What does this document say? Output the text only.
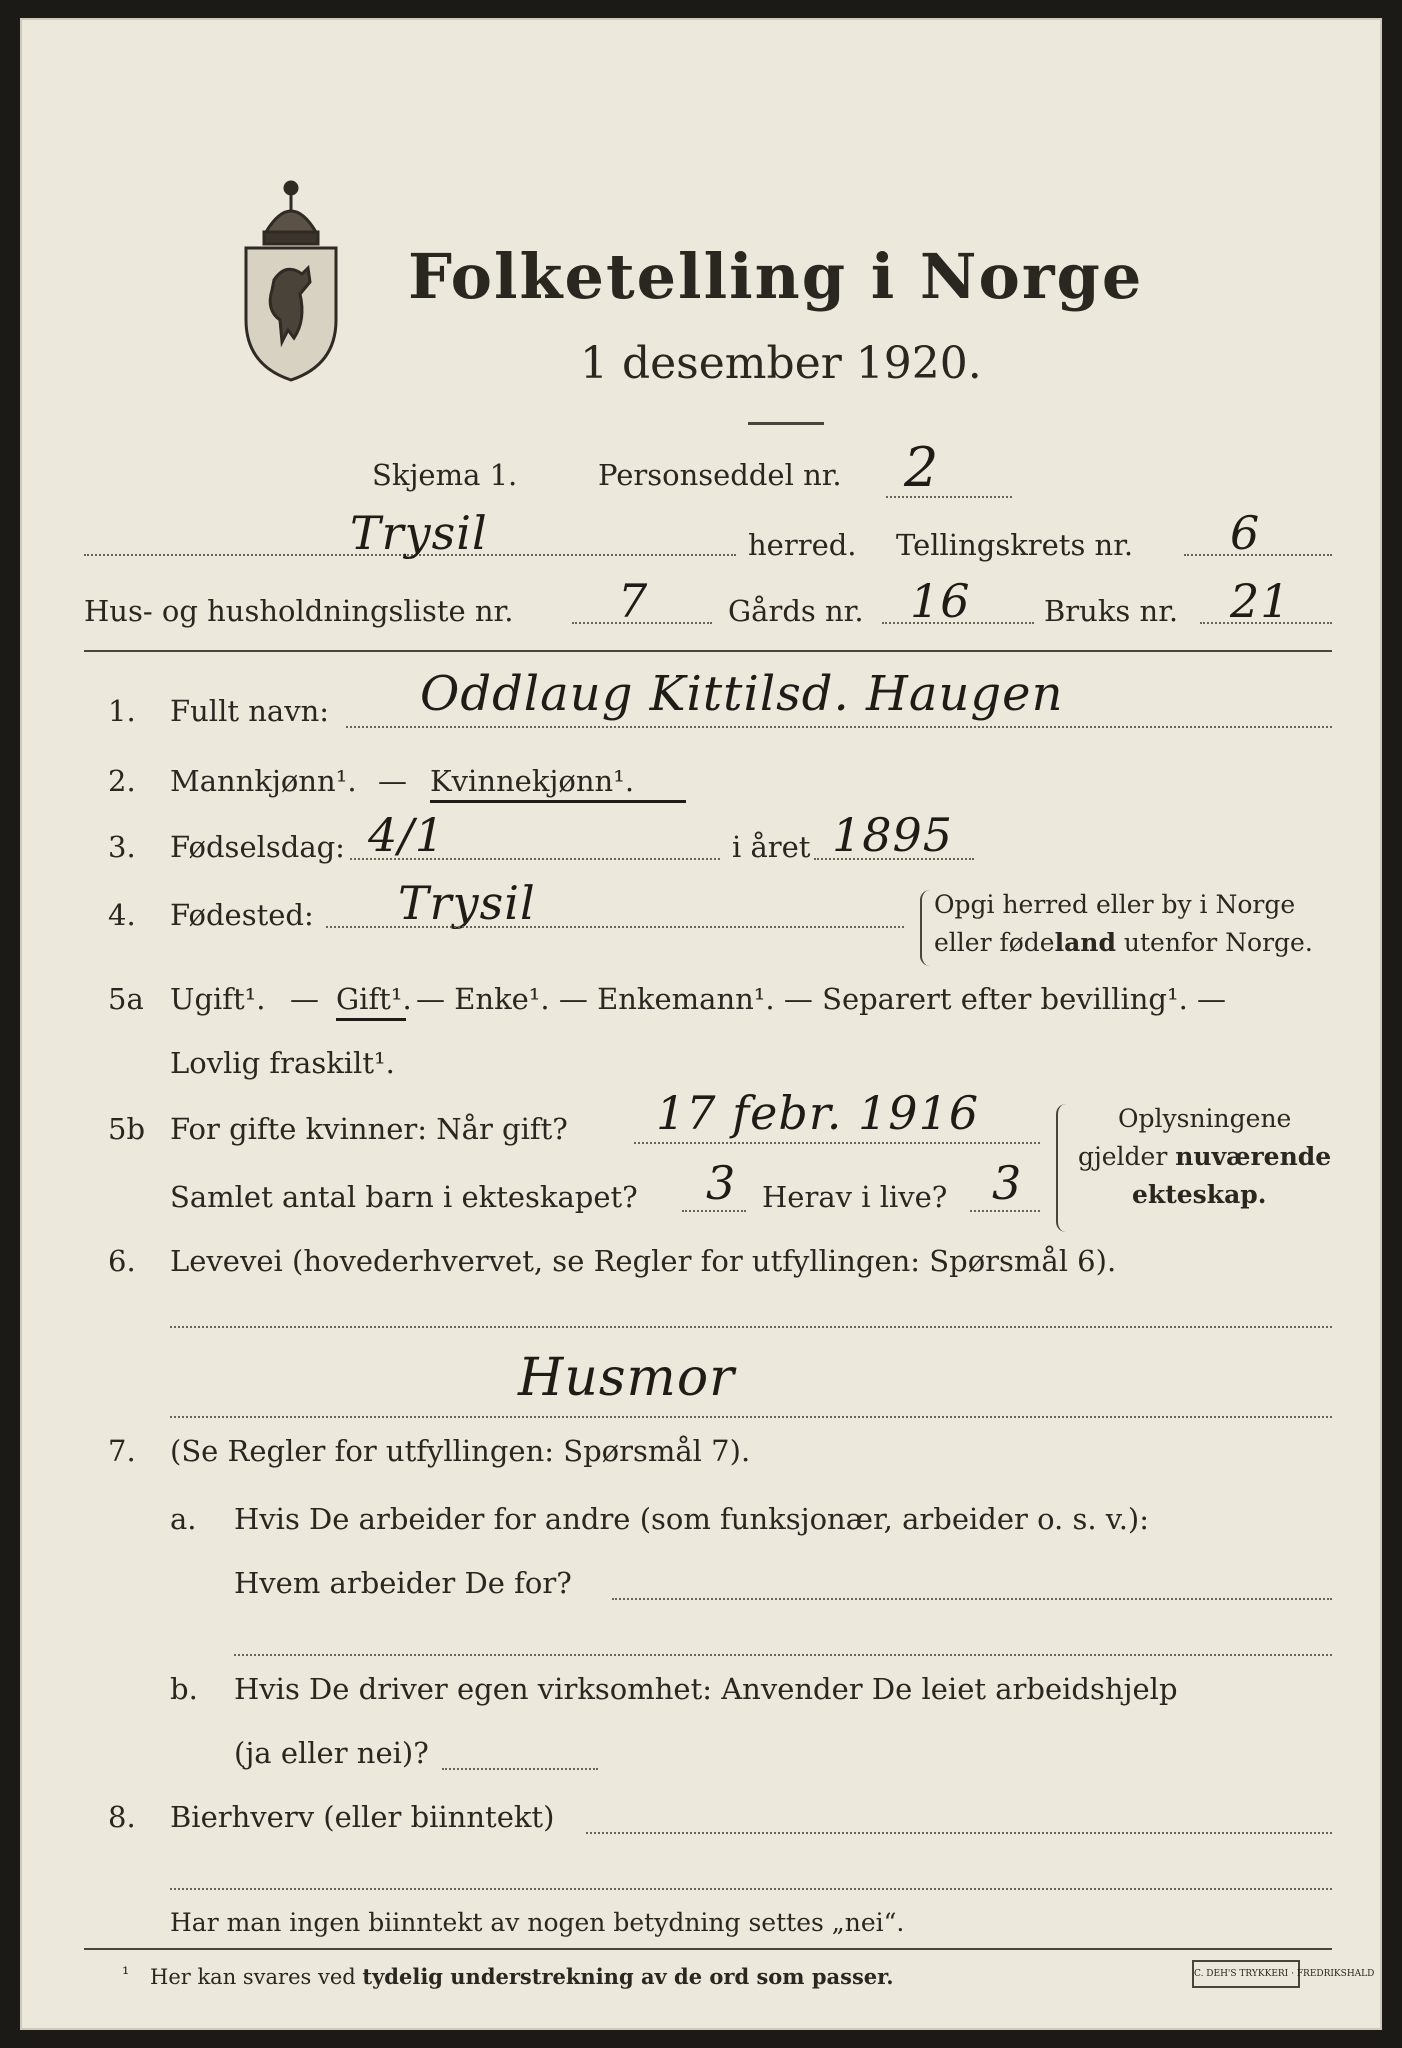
Folketelling i Norge
1 desember 1920.
Skjema 1.	Personseddel nr. 2
Trysil	herred. Tellingskrets nr. 6
Hus- og husholdningsliste nr. 7	Gårds nr. 16	Bruks nr. 21
1. Fullt navn: Oddlaug Kittilsd. Haugen
2. Mannkjønn¹. — Kvinnekjønn¹.
3. Fødselsdag: 4/1	i året 1895
4. Fødested: Trysil	Opgi herred eller by i Norge
eller fødeland utenfor Norge.
5a Ugift¹. — Gift¹. — Enke¹. — Enkemann¹. — Separert efter bevilling¹. —
Lovlig fraskilt¹.
5b For gifte kvinner: Når gift? 17 febr. 1916
Samlet antal barn i ekteskapet? 3 Herav i live? 3
Oplysningene
gjelder nuværende
ekteskap.
6. Levevei (hovederhvervet, se Regler for utfyllingen: Spørsmål 6).
Husmor
7. (Se Regler for utfyllingen: Spørsmål 7).
a. Hvis De arbeider for andre (som funksjonær, arbeider o. s. v.):
Hvem arbeider De for?
b. Hvis De driver egen virksomhet: Anvender De leiet arbeidshjelp
(ja eller nei)?
8. Bierhverv (eller biinntekt)
Har man ingen biinntekt av nogen betydning settes „nei“.
¹ Her kan svares ved tydelig understrekning av de ord som passer.	C. DEH'S TRYKKERI · FREDRIKSHALD
